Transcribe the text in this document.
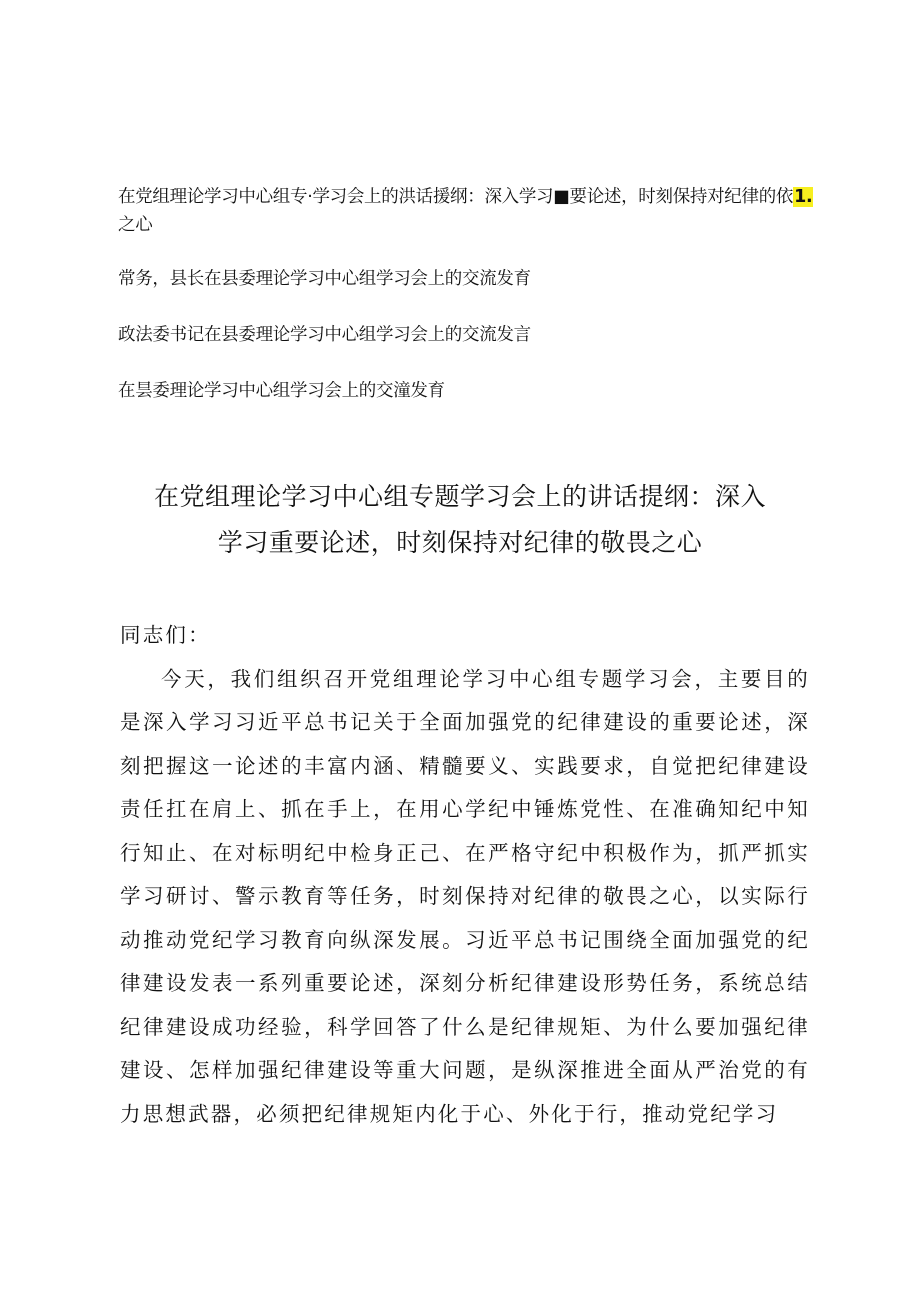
在党组理论学习中心组专·学习会上的洪话援纲：深入学习■要论述，时刻保持对纪律的依1.之心
常务，县长在县委理论学习中心组学习会上的交流发育
政法委书记在县委理论学习中心组学习会上的交流发言
在昙委理论学习中心组学习会上的交潼发育
在党组理论学习中心组专题学习会上的讲话提纲：深入
学习重要论述，时刻保持对纪律的敬畏之心

同志们：

今天，我们组织召开党组理论学习中心组专题学习会，主要目的是深入学习习近平总书记关于全面加强党的纪律建设的重要论述，深刻把握这一论述的丰富内涵、精髓要义、实践要求，自觉把纪律建设责任扛在肩上、抓在手上，在用心学纪中锤炼党性、在准确知纪中知行知止、在对标明纪中检身正己、在严格守纪中积极作为，抓严抓实学习研讨、警示教育等任务，时刻保持对纪律的敬畏之心，以实际行动推动党纪学习教育向纵深发展。习近平总书记围绕全面加强党的纪律建设发表一系列重要论述，深刻分析纪律建设形势任务，系统总结纪律建设成功经验，科学回答了什么是纪律规矩、为什么要加强纪律建设、怎样加强纪律建设等重大问题，是纵深推进全面从严治党的有力思想武器，必须把纪律规矩内化于心、外化于行，推动党纪学习
